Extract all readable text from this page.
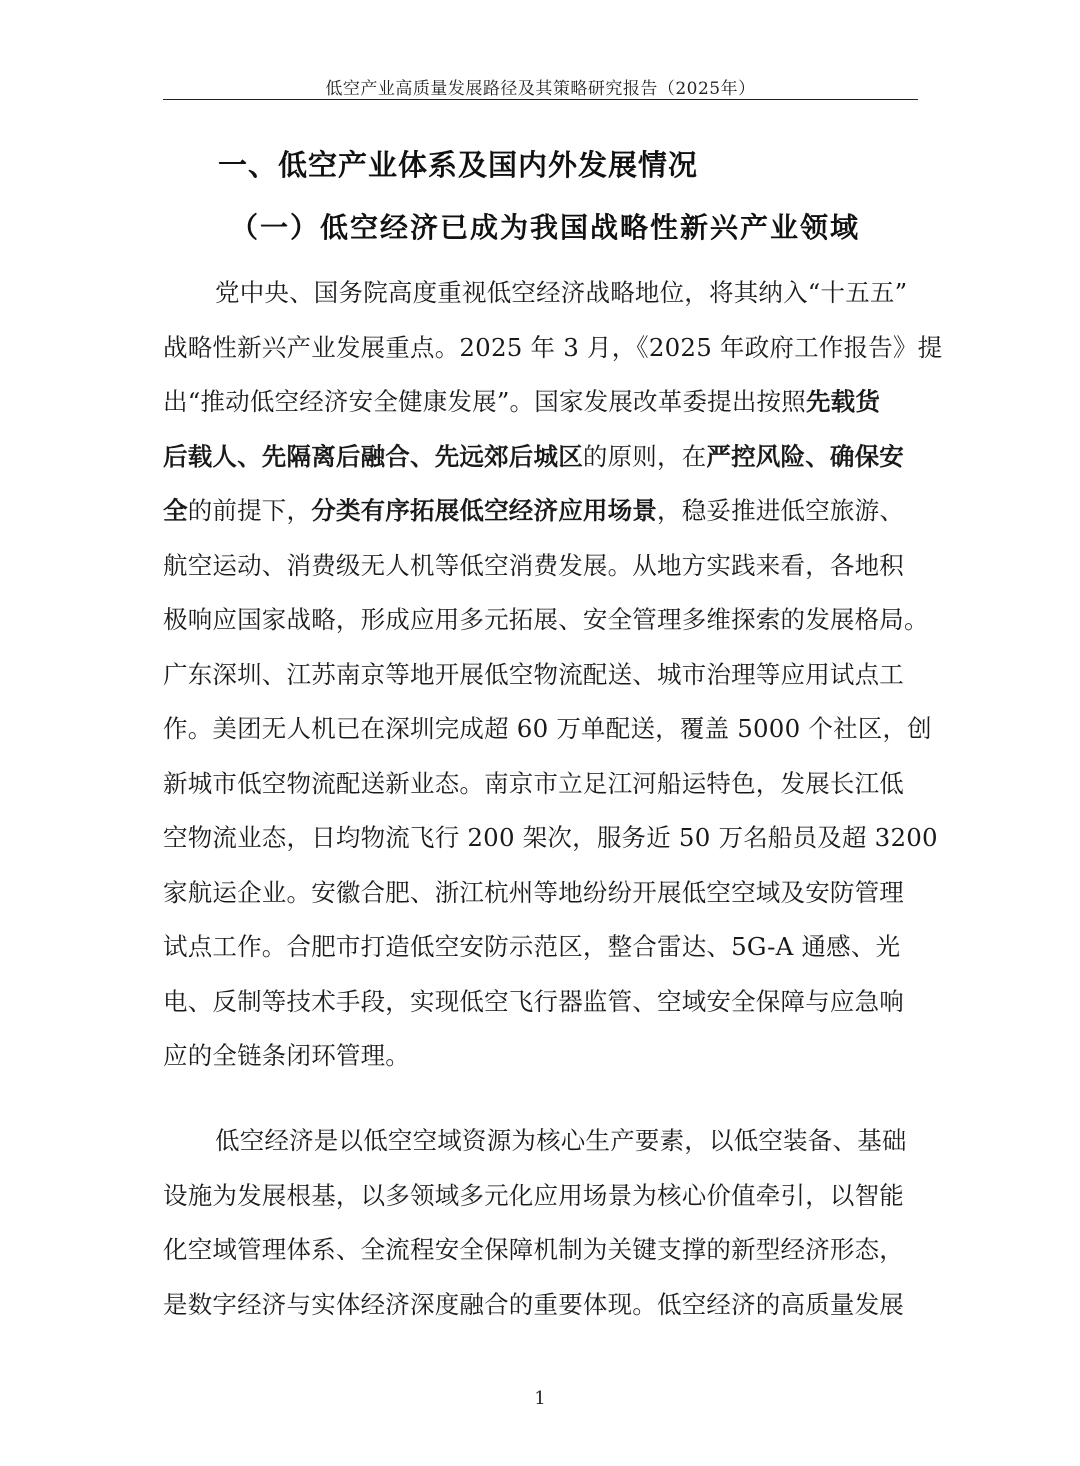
低空产业高质量发展路径及其策略研究报告（2025年）
一、低空产业体系及国内外发展情况
（一）低空经济已成为我国战略性新兴产业领域
党中央、国务院高度重视低空经济战略地位，将其纳入“十五五”
战略性新兴产业发展重点。2025 年 3 月，《2025 年政府工作报告》提
出“推动低空经济安全健康发展”。国家发展改革委提出按照先载货
后载人、先隔离后融合、先远郊后城区的原则，在严控风险、确保安
全的前提下，分类有序拓展低空经济应用场景，稳妥推进低空旅游、
航空运动、消费级无人机等低空消费发展。从地方实践来看，各地积
极响应国家战略，形成应用多元拓展、安全管理多维探索的发展格局。
广东深圳、江苏南京等地开展低空物流配送、城市治理等应用试点工
作。美团无人机已在深圳完成超 60 万单配送，覆盖 5000 个社区，创
新城市低空物流配送新业态。南京市立足江河船运特色，发展长江低
空物流业态，日均物流飞行 200 架次，服务近 50 万名船员及超 3200
家航运企业。安徽合肥、浙江杭州等地纷纷开展低空空域及安防管理
试点工作。合肥市打造低空安防示范区，整合雷达、5G-A 通感、光
电、反制等技术手段，实现低空飞行器监管、空域安全保障与应急响
应的全链条闭环管理。
低空经济是以低空空域资源为核心生产要素，以低空装备、基础
设施为发展根基，以多领域多元化应用场景为核心价值牵引，以智能
化空域管理体系、全流程安全保障机制为关键支撑的新型经济形态，
是数字经济与实体经济深度融合的重要体现。低空经济的高质量发展
1
